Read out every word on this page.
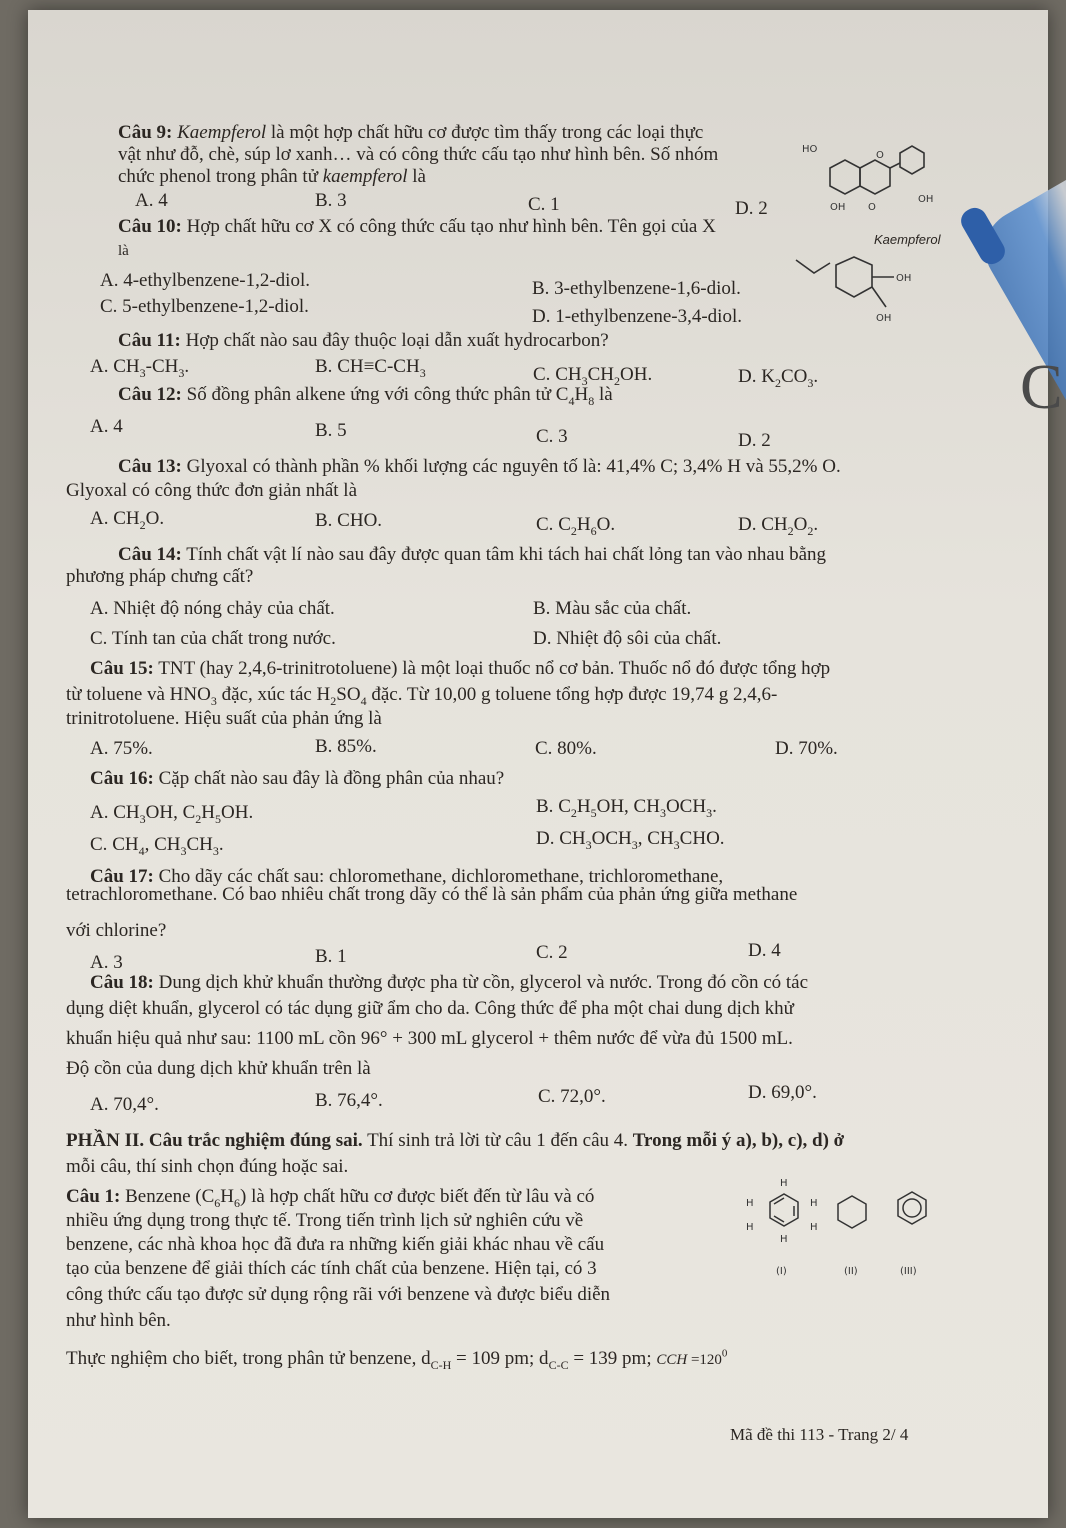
C
Câu 9: Kaempferol là một hợp chất hữu cơ được tìm thấy trong các loại thực
vật như đỗ, chè, súp lơ xanh… và có công thức cấu tạo như hình bên. Số nhóm
chức phenol trong phân tử kaempferol là
A. 4	B. 3	C. 1	D. 2
HO
O
OH
OH O
Kaempferol
Câu 10: Hợp chất hữu cơ X có công thức cấu tạo như hình bên. Tên gọi của X
là
A. 4-ethylbenzene-1,2-diol.	B. 3-ethylbenzene-1,6-diol.
C. 5-ethylbenzene-1,2-diol.	D. 1-ethylbenzene-3,4-diol.
OH
OH
Câu 11: Hợp chất nào sau đây thuộc loại dẫn xuất hydrocarbon?
A. $CH_3-CH_3$.	B. $CH\equiv C-CH_3$	C. $CH_3CH_2OH$.	D. $K_2CO_3$.
Câu 12: Số đồng phân alkene ứng với công thức phân tử $C_4H_8$ là
A. 4	B. 5	C. 3	D. 2
Câu 13: Glyoxal có thành phần % khối lượng các nguyên tố là: 41,4% C; 3,4% H và 55,2% O.
Glyoxal có công thức đơn giản nhất là
A. $CH_2O$.	B. CHO.	C. $C_2H_6O$.	D. $CH_2O_2$.
Câu 14: Tính chất vật lí nào sau đây được quan tâm khi tách hai chất lỏng tan vào nhau bằng
phương pháp chưng cất?
A. Nhiệt độ nóng chảy của chất.	B. Màu sắc của chất.
C. Tính tan của chất trong nước.	D. Nhiệt độ sôi của chất.
Câu 15: TNT (hay 2,4,6-trinitrotoluene) là một loại thuốc nổ cơ bản. Thuốc nổ đó được tổng hợp
từ toluene và $HNO_3$ đặc, xúc tác $H_2SO_4$ đặc. Từ 10,00 g toluene tổng hợp được 19,74 g 2,4,6-
trinitrotoluene. Hiệu suất của phản ứng là
A. 75%.	B. 85%.	C. 80%.	D. 70%.
Câu 16: Cặp chất nào sau đây là đồng phân của nhau?
A. $CH_3OH$, $C_2H_5OH$.	B. $C_2H_5OH$, $CH_3OCH_3$.
C. $CH_4$, $CH_3CH_3$.	D. $CH_3OCH_3$, $CH_3CHO$.
Câu 17: Cho dãy các chất sau: chloromethane, dichloromethane, trichloromethane,
tetrachloromethane. Có bao nhiêu chất trong dãy có thể là sản phẩm của phản ứng giữa methane
với chlorine?
A. 3	B. 1	C. 2	D. 4
Câu 18: Dung dịch khử khuẩn thường được pha từ cồn, glycerol và nước. Trong đó cồn có tác
dụng diệt khuẩn, glycerol có tác dụng giữ ẩm cho da. Công thức để pha một chai dung dịch khử
khuẩn hiệu quả như sau: 1100 mL cồn 96° + 300 mL glycerol + thêm nước để vừa đủ 1500 mL.
Độ cồn của dung dịch khử khuẩn trên là
A. 70,4°.	B. 76,4°.	C. 72,0°.	D. 69,0°.
PHẦN II. Câu trắc nghiệm đúng sai. Thí sinh trả lời từ câu 1 đến câu 4. Trong mỗi ý a), b), c), d) ở
mỗi câu, thí sinh chọn đúng hoặc sai.
Câu 1: Benzene $(C_6H_6)$ là hợp chất hữu cơ được biết đến từ lâu và có
nhiều ứng dụng trong thực tế. Trong tiến trình lịch sử nghiên cứu về
benzene, các nhà khoa học đã đưa ra những kiến giải khác nhau về cấu
tạo của benzene để giải thích các tính chất của benzene. Hiện tại, có 3
công thức cấu tạo được sử dụng rộng rãi với benzene và được biểu diễn
như hình bên.
Thực nghiệm cho biết, trong phân tử benzene, $d_{C-H} = 109$ pm; $d_{C-C} = 139$ pm; CCH $=120^0$
H
H	H
H	H
H
(I)	(II)	(III)
Mã đề thi 113 - Trang 2/ 4
